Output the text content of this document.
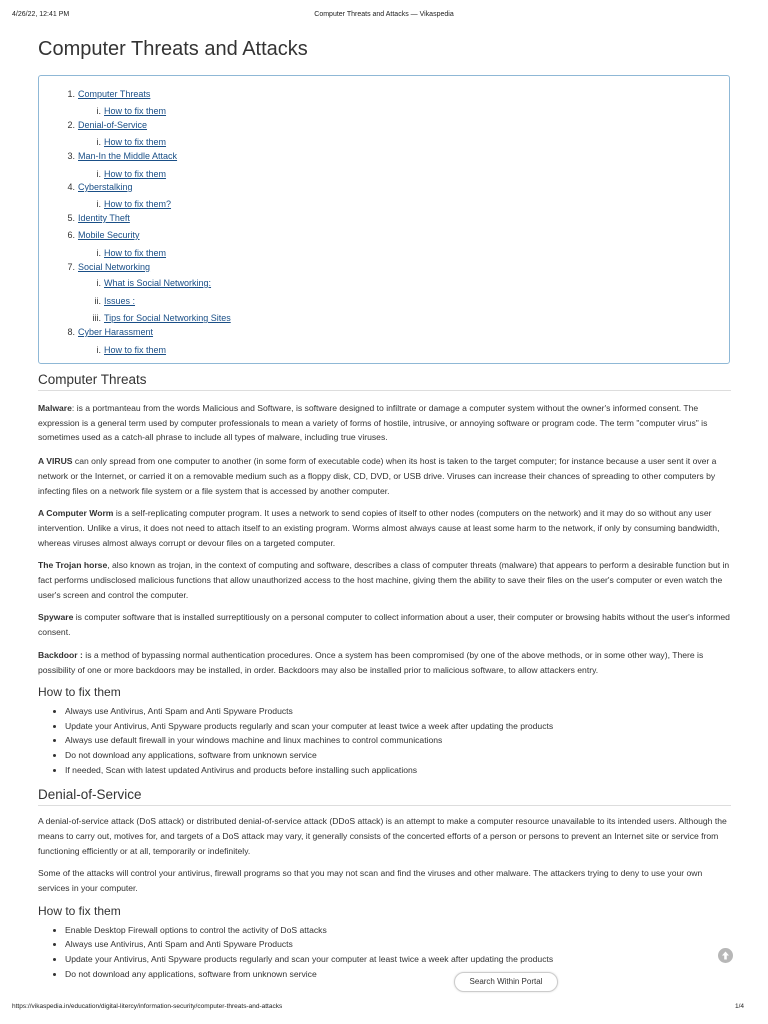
4/26/22, 12:41 PM	Computer Threats and Attacks — Vikaspedia
Computer Threats and Attacks
1. Computer Threats
i. How to fix them
2. Denial-of-Service
i. How to fix them
3. Man-In the Middle Attack
i. How to fix them
4. Cyberstalking
i. How to fix them?
5. Identity Theft
6. Mobile Security
i. How to fix them
7. Social Networking
i. What is Social Networking:
ii. Issues :
iii. Tips for Social Networking Sites
8. Cyber Harassment
i. How to fix them
Computer Threats

Malware: is a portmanteau from the words Malicious and Software, is software designed to infiltrate or damage a computer system without the owner's informed consent. The expression is a general term used by computer professionals to mean a variety of forms of hostile, intrusive, or annoying software or program code. The term "computer virus" is sometimes used as a catch-all phrase to include all types of malware, including true viruses.

A VIRUS can only spread from one computer to another (in some form of executable code) when its host is taken to the target computer; for instance because a user sent it over a network or the Internet, or carried it on a removable medium such as a floppy disk, CD, DVD, or USB drive. Viruses can increase their chances of spreading to other computers by infecting files on a network file system or a file system that is accessed by another computer.

A Computer Worm is a self-replicating computer program. It uses a network to send copies of itself to other nodes (computers on the network) and it may do so without any user intervention. Unlike a virus, it does not need to attach itself to an existing program. Worms almost always cause at least some harm to the network, if only by consuming bandwidth, whereas viruses almost always corrupt or devour files on a targeted computer.

The Trojan horse, also known as trojan, in the context of computing and software, describes a class of computer threats (malware) that appears to perform a desirable function but in fact performs undisclosed malicious functions that allow unauthorized access to the host machine, giving them the ability to save their files on the user's computer or even watch the user's screen and control the computer.

Spyware is computer software that is installed surreptitiously on a personal computer to collect information about a user, their computer or browsing habits without the user's informed consent.

Backdoor : is a method of bypassing normal authentication procedures. Once a system has been compromised (by one of the above methods, or in some other way), There is possibility of one or more backdoors may be installed, in order. Backdoors may also be installed prior to malicious software, to allow attackers entry.

How to fix them
• Always use Antivirus, Anti Spam and Anti Spyware Products
• Update your Antivirus, Anti Spyware products regularly and scan your computer at least twice a week after updating the products
• Always use default firewall in your windows machine and linux machines to control communications
• Do not download any applications, software from unknown service
• If needed, Scan with latest updated Antivirus and products before installing such applications
Denial-of-Service

A denial-of-service attack (DoS attack) or distributed denial-of-service attack (DDoS attack) is an attempt to make a computer resource unavailable to its intended users. Although the means to carry out, motives for, and targets of a DoS attack may vary, it generally consists of the concerted efforts of a person or persons to prevent an Internet site or service from functioning efficiently or at all, temporarily or indefinitely.

Some of the attacks will control your antivirus, firewall programs so that you may not scan and find the viruses and other malware. The attackers trying to deny to use your own services in your computer.

How to fix them
• Enable Desktop Firewall options to control the activity of DoS attacks
• Always use Antivirus, Anti Spam and Anti Spyware Products
• Update your Antivirus, Anti Spyware products regularly and scan your computer at least twice a week after updating the products
• Do not download any applications, software from unknown service
Search Within Portal
https://vikaspedia.in/education/digital-litercy/information-security/computer-threats-and-attacks	1/4
